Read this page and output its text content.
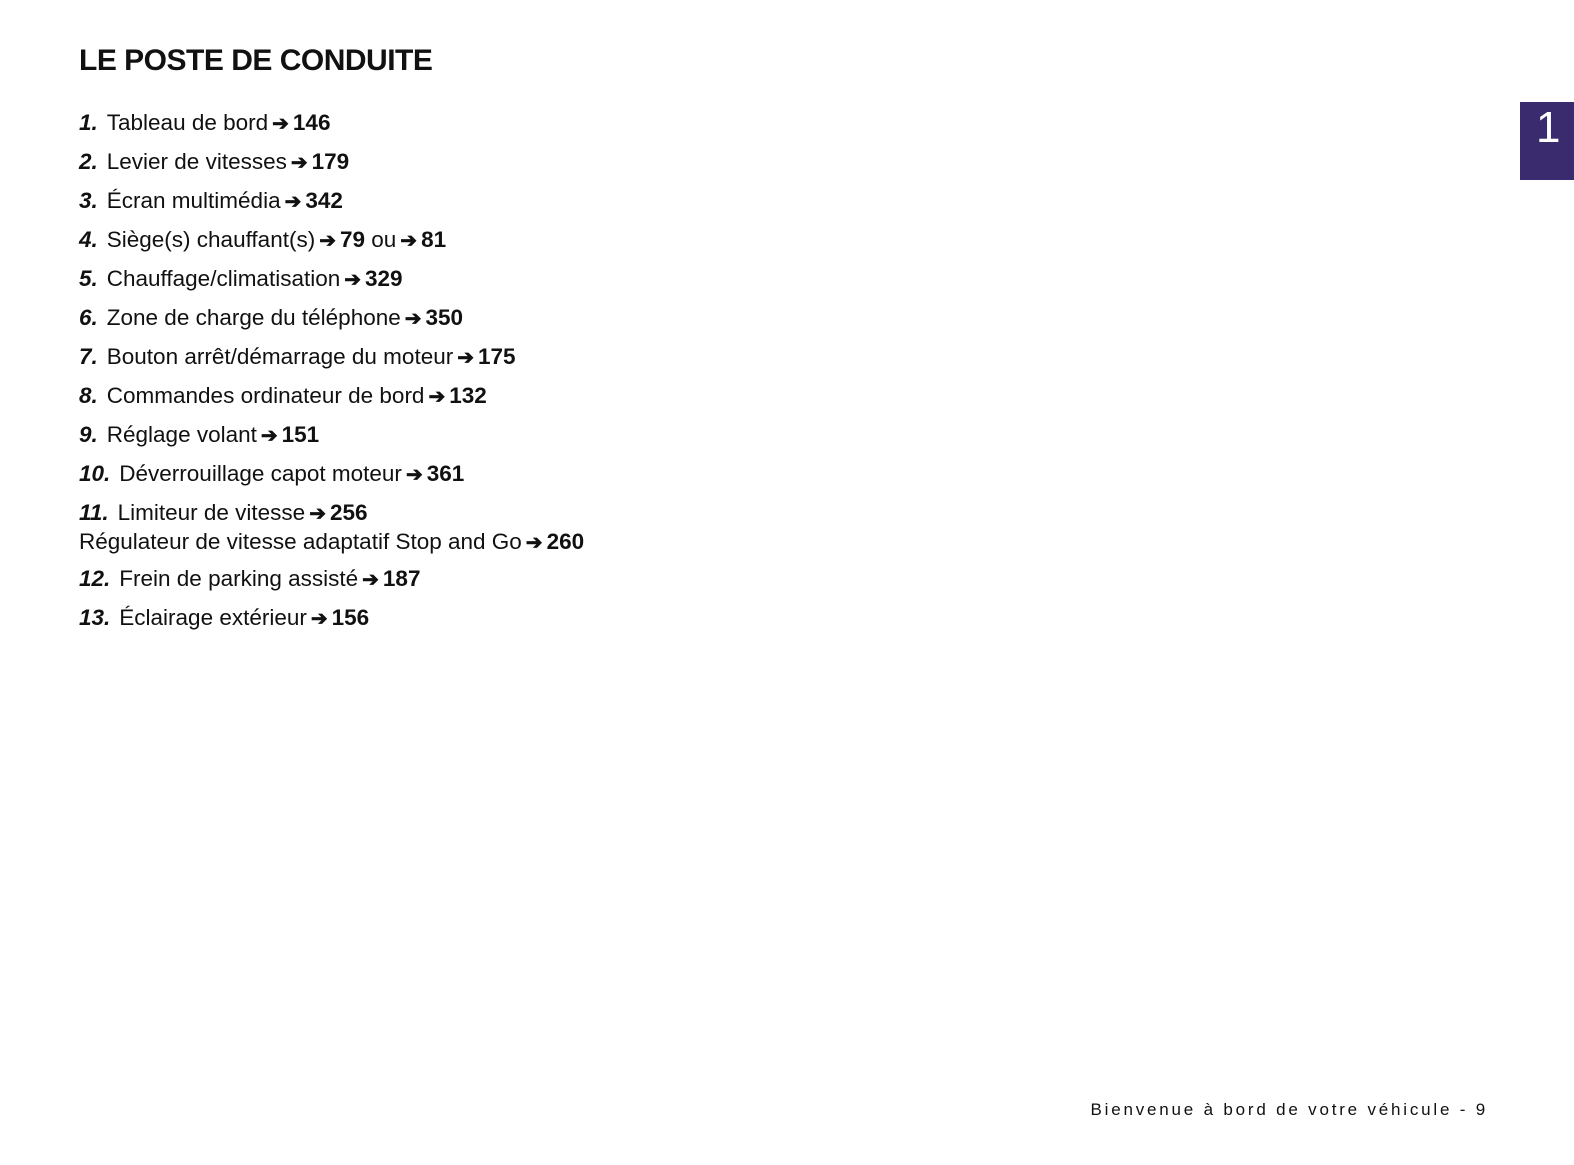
LE POSTE DE CONDUITE
1
1. Tableau de bord ➔ 146
2. Levier de vitesses ➔ 179
3. Écran multimédia ➔ 342
4. Siège(s) chauffant(s) ➔ 79 ou ➔ 81
5. Chauffage/climatisation ➔ 329
6. Zone de charge du téléphone ➔ 350
7. Bouton arrêt/démarrage du moteur ➔ 175
8. Commandes ordinateur de bord ➔ 132
9. Réglage volant ➔ 151
10. Déverrouillage capot moteur ➔ 361
11. Limiteur de vitesse ➔ 256
Régulateur de vitesse adaptatif Stop and Go ➔ 260
12. Frein de parking assisté ➔ 187
13. Éclairage extérieur ➔ 156
Bienvenue à bord de votre véhicule - 9
